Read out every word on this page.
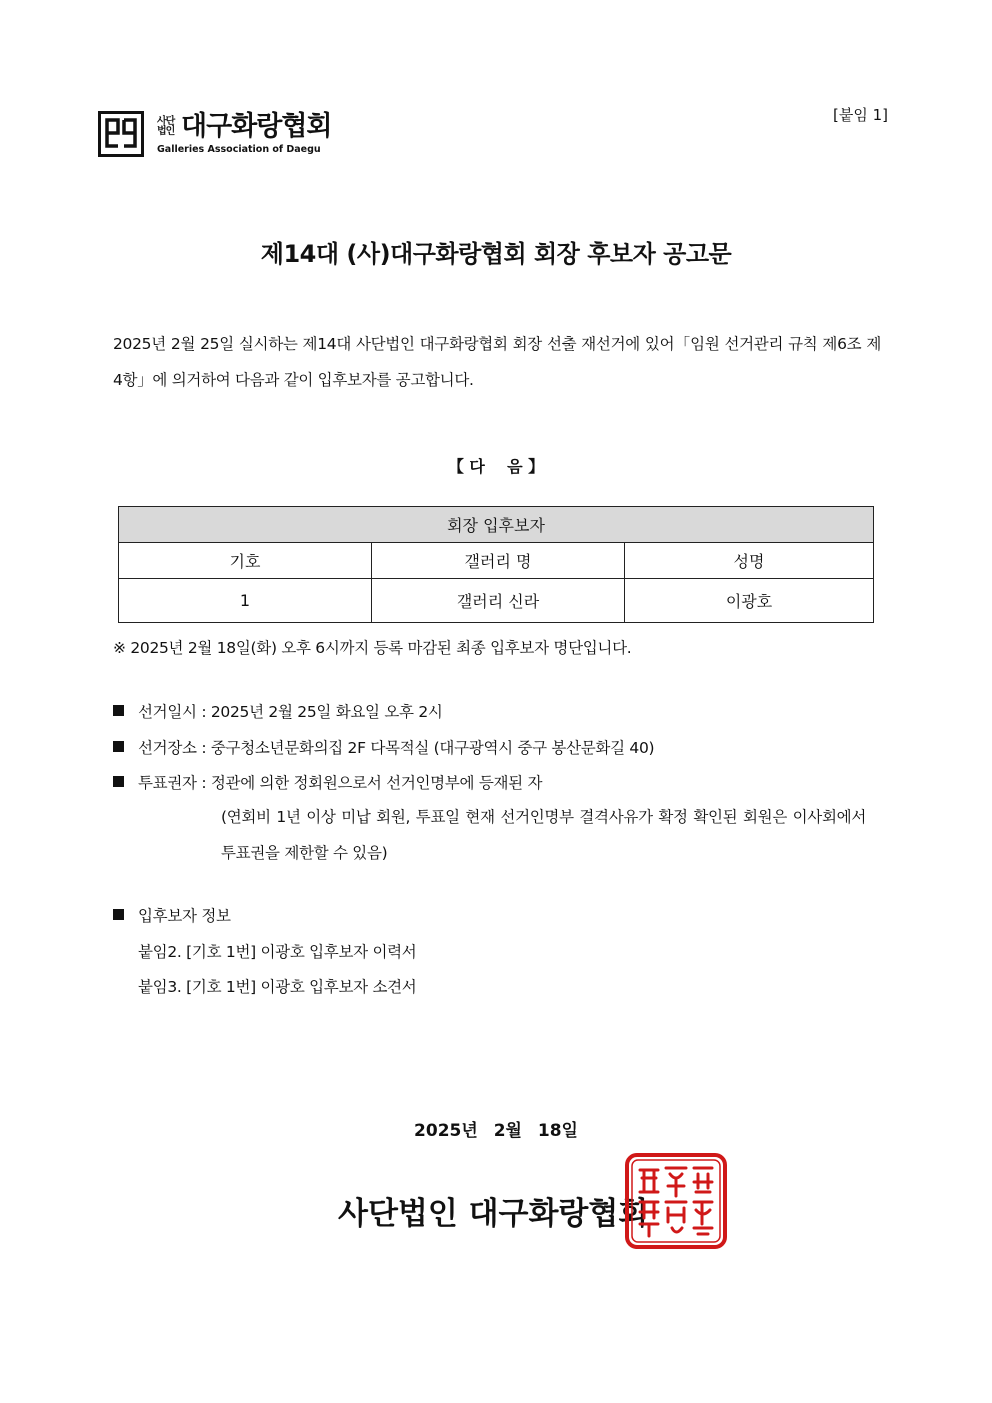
사단법인 대구화랑협회
Galleries Association of Daegu
[붙임 1]
제14대 (사)대구화랑협회 회장 후보자 공고문
2025년 2월 25일 실시하는 제14대 사단법인 대구화랑협회 회장 선출 재선거에 있어「임원 선거관리 규칙 제6조 제4항」에 의거하여 다음과 같이 입후보자를 공고합니다.
【 다    음 】
회장 입후보자		
기호	갤러리 명	성명
1	갤러리 신라	이광호
※ 2025년 2월 18일(화) 오후 6시까지 등록 마감된 최종 입후보자 명단입니다.
선거일시 : 2025년 2월 25일 화요일 오후 2시
선거장소 : 중구청소년문화의집 2F 다목적실 (대구광역시 중구 봉산문화길 40)
투표권자 : 정관에 의한 정회원으로서 선거인명부에 등재된 자
(연회비 1년 이상 미납 회원, 투표일 현재 선거인명부 결격사유가 확정 확인된 회원은 이사회에서 투표권을 제한할 수 있음)
입후보자 정보
붙임2. [기호 1번] 이광호 입후보자 이력서
붙임3. [기호 1번] 이광호 입후보자 소견서
2025년 2월 18일
사단법인 대구화랑협회
